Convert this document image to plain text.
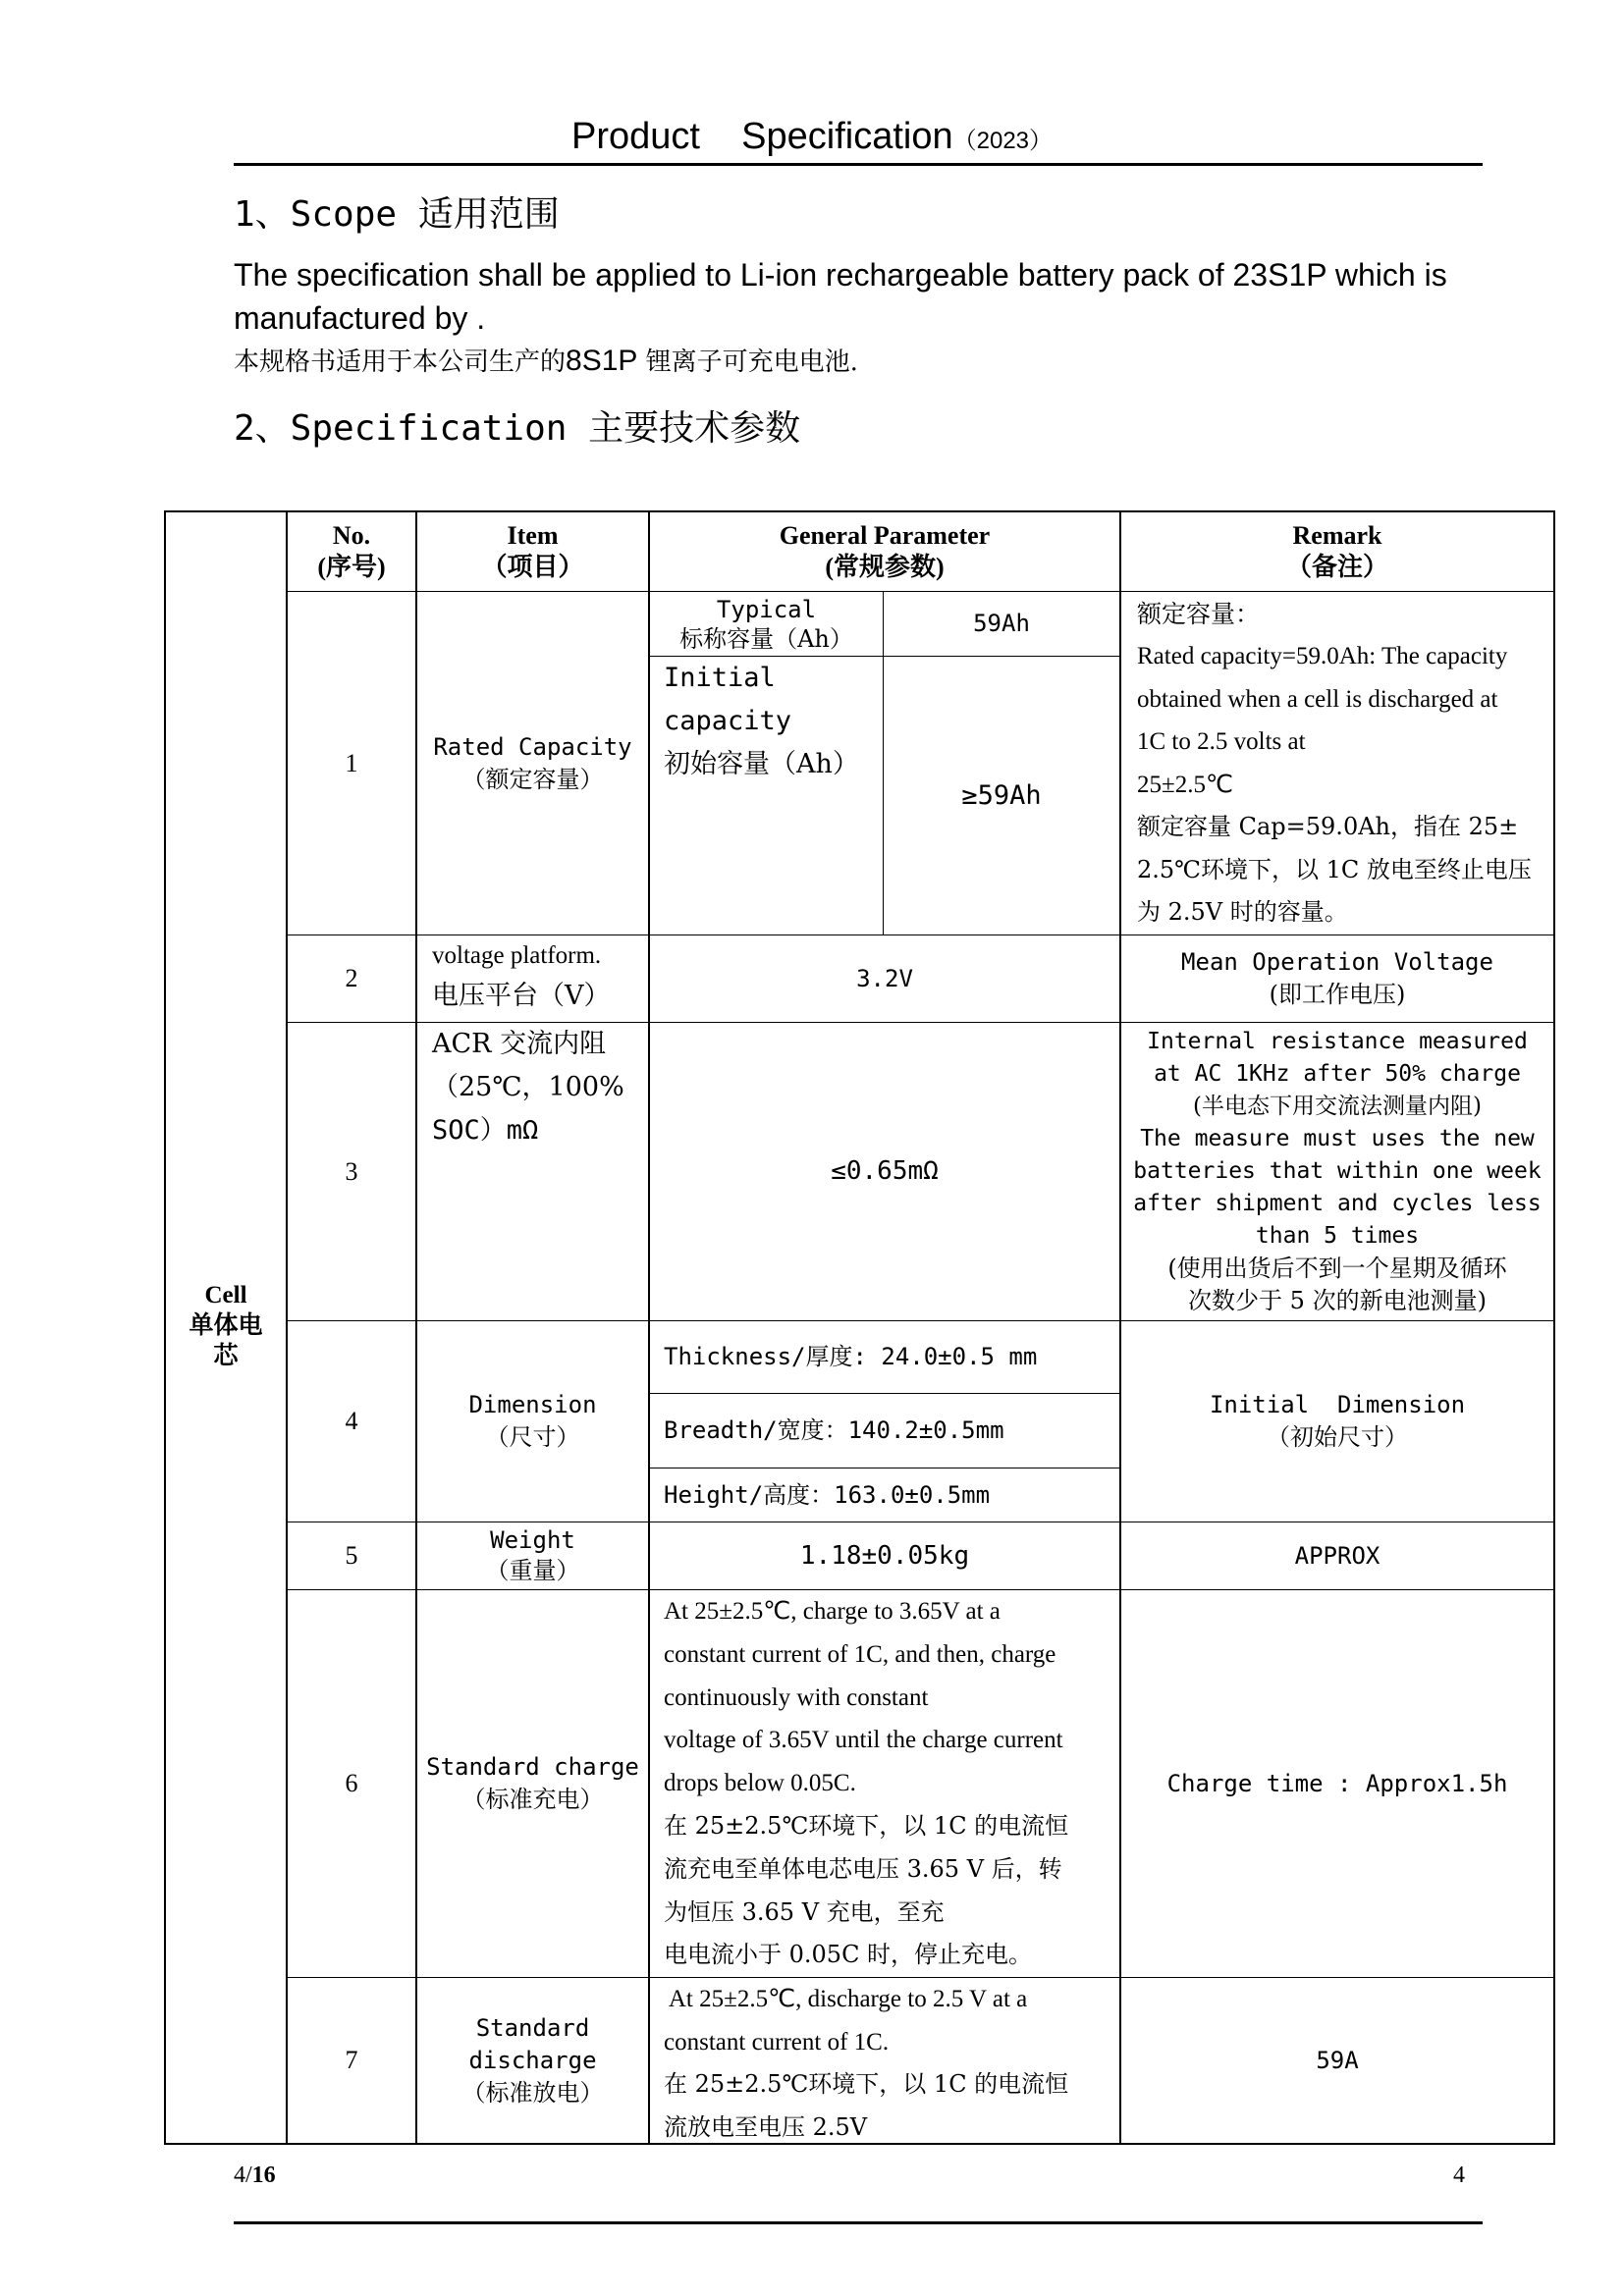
Product    Specification（2023）
1、Scope 适用范围
The specification shall be applied to Li-ion rechargeable battery pack of 23S1P which is manufactured by .
本规格书适用于本公司生产的8S1P 锂离子可充电电池.
2、Specification 主要技术参数
Cell
单体电
芯
No.
(序号)
Item
（项目）
General Parameter
(常规参数)
Remark
（备注）
1
Rated Capacity
（额定容量）
Typical
标称容量（Ah）
59Ah
Initial
capacity
初始容量（Ah）
≥59Ah
额定容量：
Rated capacity=59.0Ah: The capacity
obtained when a cell is discharged at
1C to 2.5 volts at
25±2.5℃
额定容量 Cap=59.0Ah，指在 25±
2.5℃环境下，以 1C 放电至终止电压
为 2.5V 时的容量。
2
voltage platform.
电压平台（V）
3.2V
Mean Operation Voltage
(即工作电压)
3
ACR 交流内阻
（25℃，100%
SOC）mΩ
≤0.65mΩ
Internal resistance measured
at AC 1KHz after 50% charge
(半电态下用交流法测量内阻)
The measure must uses the new
batteries that within one week
after shipment and cycles less
than 5 times
(使用出货后不到一个星期及循环
次数少于 5 次的新电池测量)
4
Dimension
（尺寸）
Thickness/厚度: 24.0±0.5 mm
Breadth/宽度：140.2±0.5mm
Height/高度：163.0±0.5mm
Initial  Dimension
（初始尺寸）
5
Weight
（重量）
1.18±0.05kg	APPROX
6
Standard charge
（标准充电）
At 25±2.5℃, charge to 3.65V at a
constant current of 1C, and then, charge
continuously with constant
voltage of 3.65V until the charge current
drops below 0.05C.
在 25±2.5℃环境下，以 1C 的电流恒
流充电至单体电芯电压 3.65 V 后，转
为恒压 3.65 V 充电，至充
电电流小于 0.05C 时，停止充电。
Charge time : Approx1.5h
7
Standard
discharge
（标准放电）
At 25±2.5℃, discharge to 2.5 V at a
constant current of 1C.
在 25±2.5℃环境下，以 1C 的电流恒
流放电至电压 2.5V
59A
4/16	4
